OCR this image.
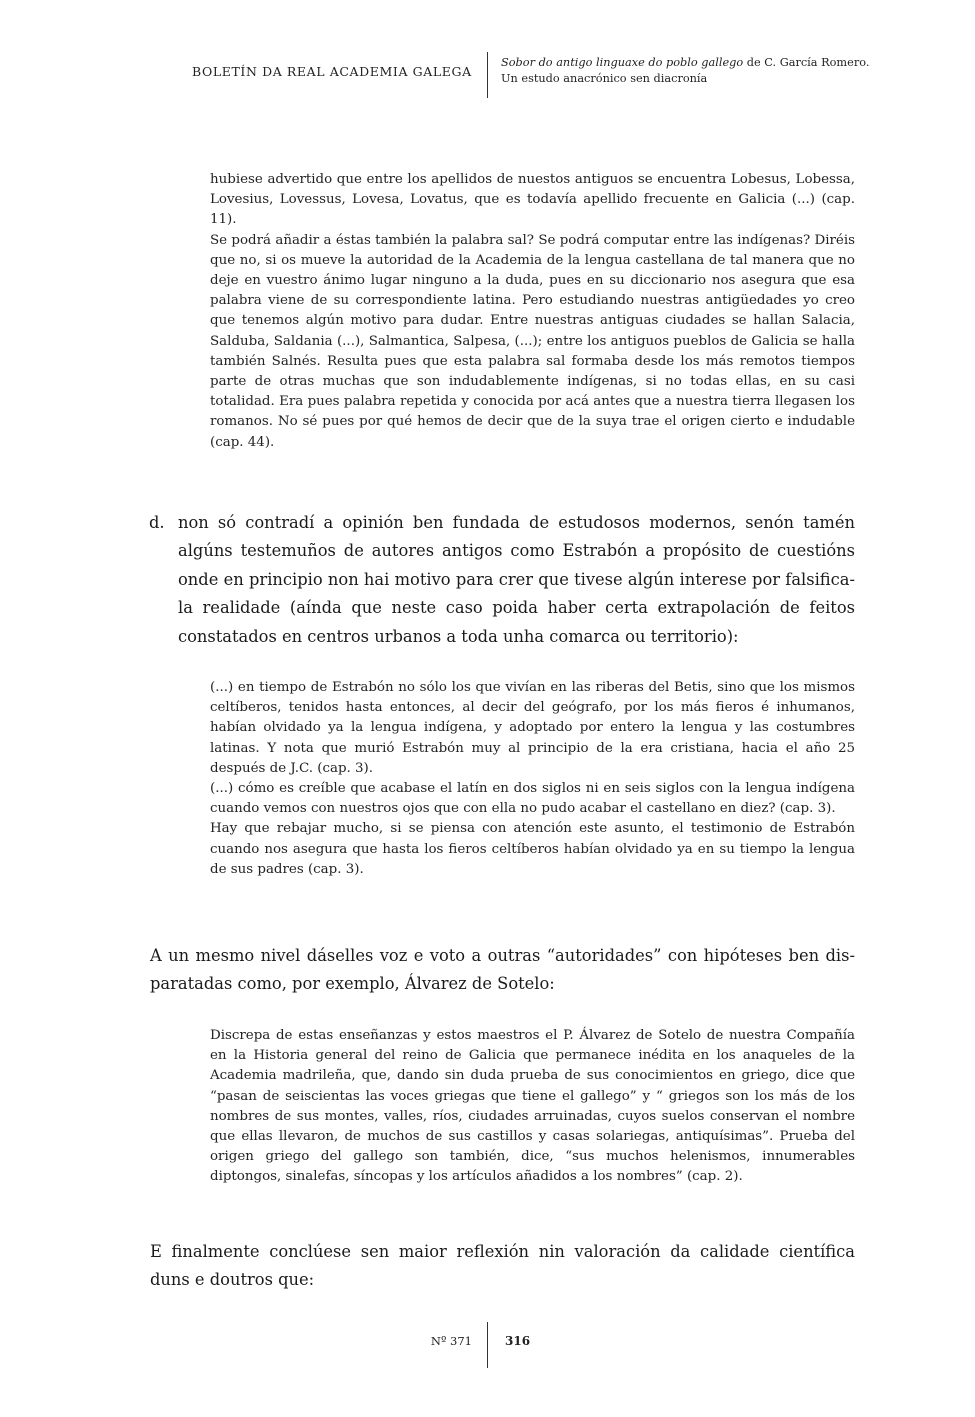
BOLETÍN DA REAL ACADEMIA GALEGA
Sobor do antigo linguaxe do poblo gallego de C. García Romero.
Un estudo anacrónico sen diacronía

hubiese advertido que entre los apellidos de nuestos antiguos se encuentra Lobesus, Lobessa, Lovesius, Lovessus, Lovesa, Lovatus, que es todavía apellido frecuente en Galicia (...) (cap. 11).

Se podrá añadir a éstas también la palabra sal? Se podrá computar entre las indígenas? Diréis que no, si os mueve la autoridad de la Academia de la lengua castellana de tal manera que no deje en vuestro ánimo lugar ninguno a la duda, pues en su diccionario nos asegura que esa palabra viene de su correspondiente latina. Pero estudiando nuestras antigüedades yo creo que tenemos algún motivo para dudar. Entre nuestras antiguas ciudades se hallan Salacia, Salduba, Saldania (...), Salmantica, Salpesa, (...); entre los antiguos pueblos de Galicia se halla también Salnés. Resulta pues que esta palabra sal formaba desde los más remotos tiempos parte de otras muchas que son indudablemente indígenas, si no todas ellas, en su casi totalidad. Era pues palabra repetida y conocida por acá antes que a nuestra tierra llegasen los romanos. No sé pues por qué hemos de decir que de la suya trae el origen cierto e indudable (cap. 44).

d. non só contradí a opinión ben fundada de estudosos modernos, senón tamén algúns testemuños de autores antigos como Estrabón a propósito de cuestións onde en principio non hai motivo para crer que tivese algún interese por falsifica-la realidade (aínda que neste caso poida haber certa extrapolación de feitos constatados en centros urbanos a toda unha comarca ou territorio):

(...) en tiempo de Estrabón no sólo los que vivían en las riberas del Betis, sino que los mismos celtíberos, tenidos hasta entonces, al decir del geógrafo, por los más fieros é inhumanos, habían olvidado ya la lengua indígena, y adoptado por entero la lengua y las costumbres latinas. Y nota que murió Estrabón muy al principio de la era cristiana, hacia el año 25 después de J.C. (cap. 3).

(...) cómo es creíble que acabase el latín en dos siglos ni en seis siglos con la lengua indígena cuando vemos con nuestros ojos que con ella no pudo acabar el castellano en diez? (cap. 3).

Hay que rebajar mucho, si se piensa con atención este asunto, el testimonio de Estrabón cuando nos asegura que hasta los fieros celtíberos habían olvidado ya en su tiempo la lengua de sus padres (cap. 3).

A un mesmo nivel dáselles voz e voto a outras “autoridades” con hipóteses ben disparatadas como, por exemplo, Álvarez de Sotelo:

Discrepa de estas enseñanzas y estos maestros el P. Álvarez de Sotelo de nuestra Compañía en la Historia general del reino de Galicia que permanece inédita en los anaqueles de la Academia madrileña, que, dando sin duda prueba de sus conocimientos en griego, dice que “pasan de seiscientas las voces griegas que tiene el gallego” y “ griegos son los más de los nombres de sus montes, valles, ríos, ciudades arruinadas, cuyos suelos conservan el nombre que ellas llevaron, de muchos de sus castillos y casas solariegas, antiquísimas”. Prueba del origen griego del gallego son también, dice, “sus muchos helenismos, innumerables diptongos, sinalefas, síncopas y los artículos añadidos a los nombres” (cap. 2).

E finalmente conclúese sen maior reflexión nin valoración da calidade científica duns e doutros que:

Nº 371	316
